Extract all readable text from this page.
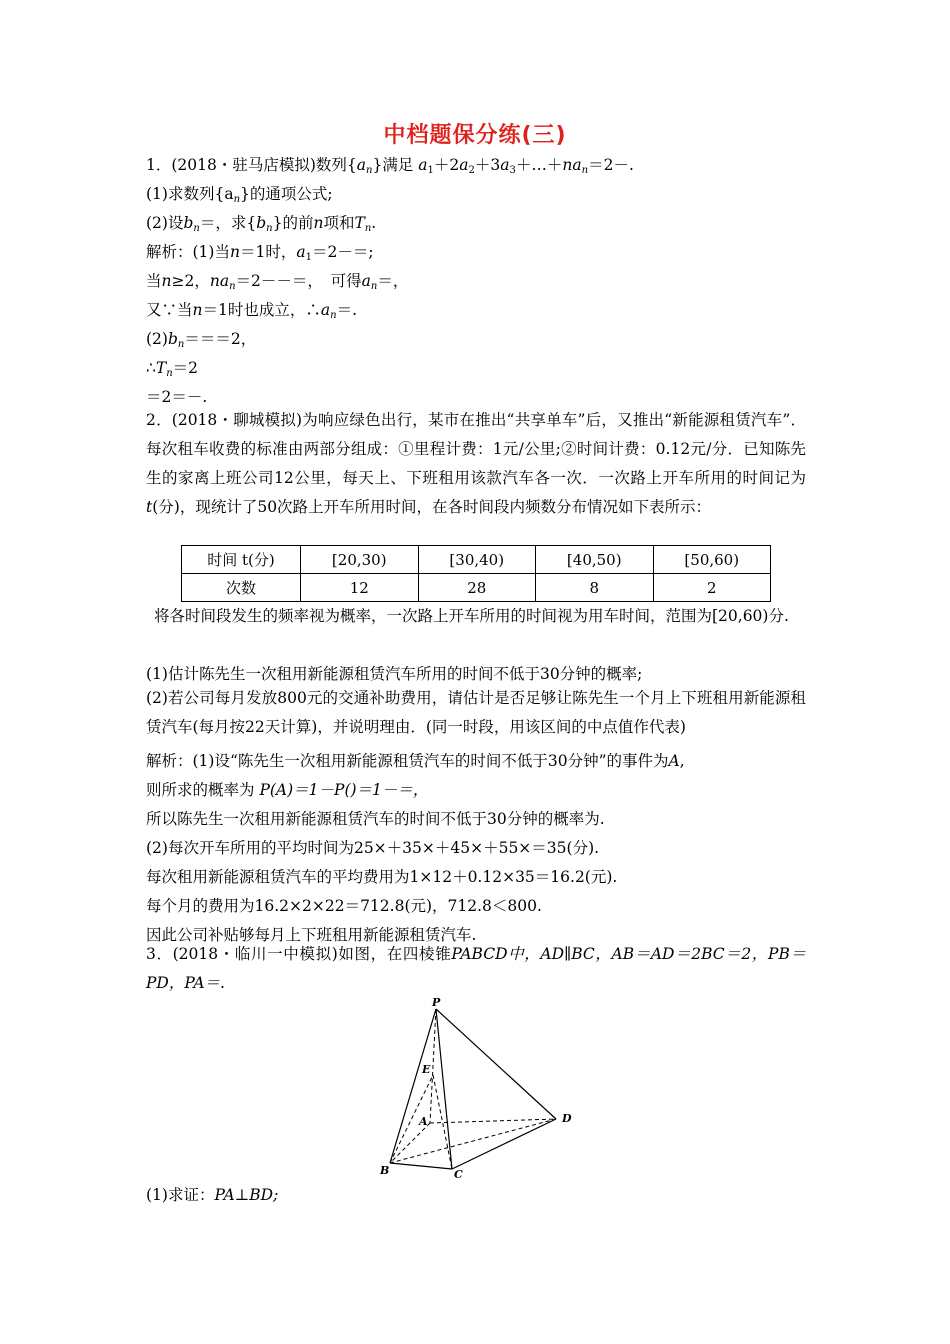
中档题保分练(三)
1．(2018・驻马店模拟)数列$\{a_n\}$满足 $a_1+2a_2+3a_3+\dots+na_n=2-$.
(1)求数列$\{a_n\}$的通项公式;
(2)设$b_n=$，求$\{b_n\}$的前n项和$T_n$.
解析：(1)当n＝1时，$a_1=2-=$;
当n≥2，$na_n=2--=$，　可得$a_n=$，
又∵当n＝1时也成立，$\therefore a_n=$.
$(2)b_n===2$，
$\therefore T_n=2$
＝2＝－.
2．(2018・聊城模拟)为响应绿色出行，某市在推出“共享单车”后，又推出“新能源租赁汽车”．每次租车收费的标准由两部分组成：①里程计费：1元/公里;②时间计费：0.12元/分．已知陈先生的家离上班公司12公里，每天上、下班租用该款汽车各一次．一次路上开车所用的时间记为t(分)，现统计了50次路上开车所用时间，在各时间段内频数分布情况如下表所示：
时间 t(分)	[20,30)	[30,40)	[40,50)	[50,60)
次数	12	28	8	2
将各时间段发生的频率视为概率，一次路上开车所用的时间视为用车时间，范围为[20,60)分.
(1)估计陈先生一次租用新能源租赁汽车所用的时间不低于30分钟的概率;
(2)若公司每月发放800元的交通补助费用，请估计是否足够让陈先生一个月上下班租用新能源租赁汽车(每月按22天计算)，并说明理由．(同一时段，用该区间的中点值作代表)
解析：(1)设“陈先生一次租用新能源租赁汽车的时间不低于30分钟”的事件为A,
则所求的概率为 P(A)＝1－P()＝1－＝，
所以陈先生一次租用新能源租赁汽车的时间不低于30分钟的概率为.
(2)每次开车所用的平均时间为25×＋35×＋45×＋55×＝35(分).
每次租用新能源租赁汽车的平均费用为1×12＋0.12×35＝16.2(元).
每个月的费用为16.2×2×22＝712.8(元)，712.8＜800.
因此公司补贴够每月上下班租用新能源租赁汽车.
3．(2018・临川一中模拟)如图，在四棱锥PABCD中，AD∥BC，AB＝AD＝2BC＝2，PB＝PD，PA＝.
P
E
A	D
B	C
(1)求证：PA⊥BD;
